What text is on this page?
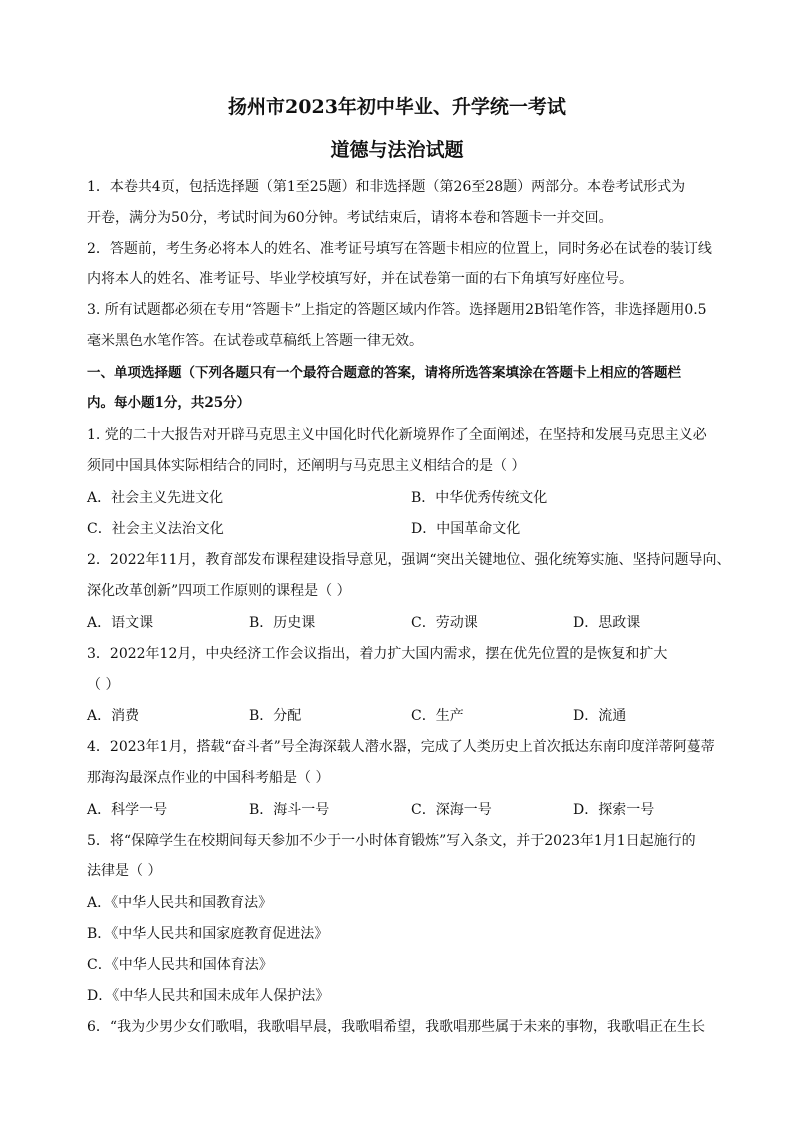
扬州市2023年初中毕业、升学统一考试
道德与法治试题
1．本卷共4页，包括选择题（第1至25题）和非选择题（第26至28题）两部分。本卷考试形式为
开卷，满分为50分，考试时间为60分钟。考试结束后，请将本卷和答题卡一并交回。
2．答题前，考生务必将本人的姓名、准考证号填写在答题卡相应的位置上，同时务必在试卷的装订线
内将本人的姓名、准考证号、毕业学校填写好，并在试卷第一面的右下角填写好座位号。
3. 所有试题都必须在专用“答题卡”上指定的答题区域内作答。选择题用2B铅笔作答，非选择题用0.5
毫米黑色水笔作答。在试卷或草稿纸上答题一律无效。
一、单项选择题（下列各题只有一个最符合题意的答案，请将所选答案填涂在答题卡上相应的答题栏
内。每小题1分，共25分）
1. 党的二十大报告对开辟马克思主义中国化时代化新境界作了全面阐述，在坚持和发展马克思主义必
须同中国具体实际相结合的同时，还阐明与马克思主义相结合的是（ ）
A．社会主义先进文化	B．中华优秀传统文化
C．社会主义法治文化	D．中国革命文化
2．2022年11月，教育部发布课程建设指导意见，强调“突出关键地位、强化统筹实施、坚持问题导向、
深化改革创新”四项工作原则的课程是（ ）
A．语文课	B．历史课	C．劳动课	D．思政课
3．2022年12月，中央经济工作会议指出，着力扩大国内需求，摆在优先位置的是恢复和扩大
（ ）
A．消费	B．分配	C．生产	D．流通
4．2023年1月，搭载“奋斗者”号全海深载人潜水器，完成了人类历史上首次抵达东南印度洋蒂阿蔓蒂
那海沟最深点作业的中国科考船是（ ）
A．科学一号	B．海斗一号	C．深海一号	D．探索一号
5．将“保障学生在校期间每天参加不少于一小时体育锻炼”写入条文，并于2023年1月1日起施行的
法律是（ ）
A．《中华人民共和国教育法》
B．《中华人民共和国家庭教育促进法》
C．《中华人民共和国体育法》
D．《中华人民共和国未成年人保护法》
6．“我为少男少女们歌唱，我歌唱早晨，我歌唱希望，我歌唱那些属于未来的事物，我歌唱正在生长
